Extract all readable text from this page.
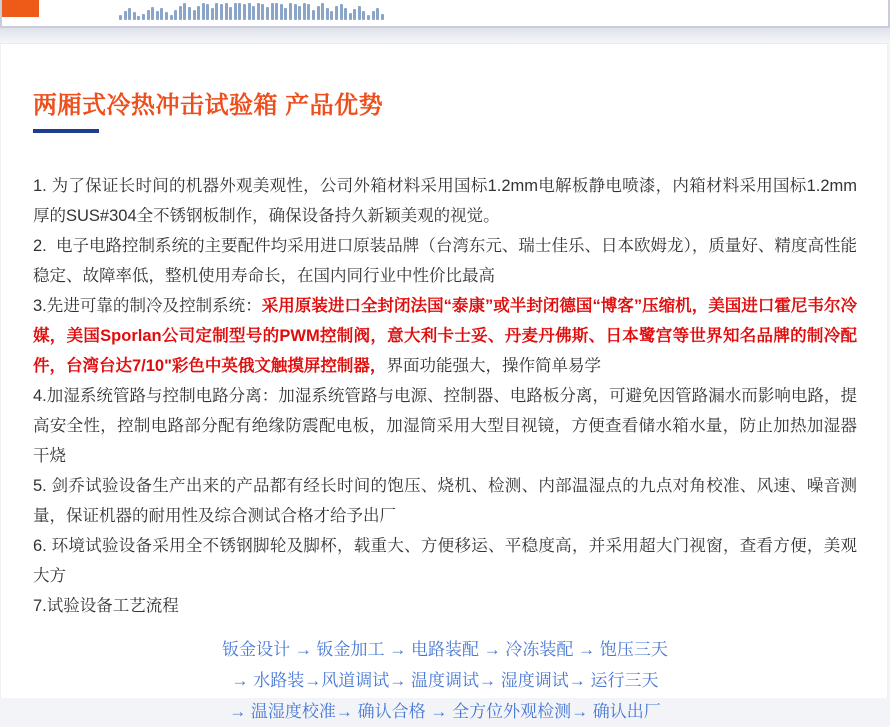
两厢式冷热冲击试验箱 产品优势

1. 为了保证长时间的机器外观美观性，公司外箱材料采用国标1.2mm电解板静电喷漆，内箱材料采用国标1.2mm厚的SUS#304全不锈钢板制作，确保设备持久新颖美观的视觉。

2.  电子电路控制系统的主要配件均采用进口原装品牌（台湾东元、瑞士佳乐、日本欧姆龙），质量好、精度高性能稳定、故障率低，整机使用寿命长，在国内同行业中性价比最高

3.先进可靠的制冷及控制系统：采用原装进口全封闭法国“泰康”或半封闭德国“博客”压缩机，美国进口霍尼韦尔冷媒，美国Sporlan公司定制型号的PWM控制阀，意大利卡士妥、丹麦丹佛斯、日本鹭宫等世界知名品牌的制冷配件，台湾台达7/10"彩色中英俄文触摸屏控制器，界面功能强大，操作简单易学

4.加湿系统管路与控制电路分离：加湿系统管路与电源、控制器、电路板分离，可避免因管路漏水而影响电路，提高安全性，控制电路部分配有绝缘防震配电板，加湿筒采用大型目视镜，方便查看储水箱水量，防止加热加湿器干烧

5. 剑乔试验设备生产出来的产品都有经长时间的饱压、烧机、检测、内部温湿点的九点对角校准、风速、噪音测量，保证机器的耐用性及综合测试合格才给予出厂

6. 环境试验设备采用全不锈钢脚轮及脚杯，载重大、方便移运、平稳度高，并采用超大门视窗，查看方便，美观大方

7.试验设备工艺流程

钣金设计 → 钣金加工 → 电路装配 → 冷冻装配 → 饱压三天
→ 水路装→风道调试→ 温度调试→ 湿度调试→ 运行三天
→ 温湿度校准→ 确认合格 → 全方位外观检测→ 确认出厂
